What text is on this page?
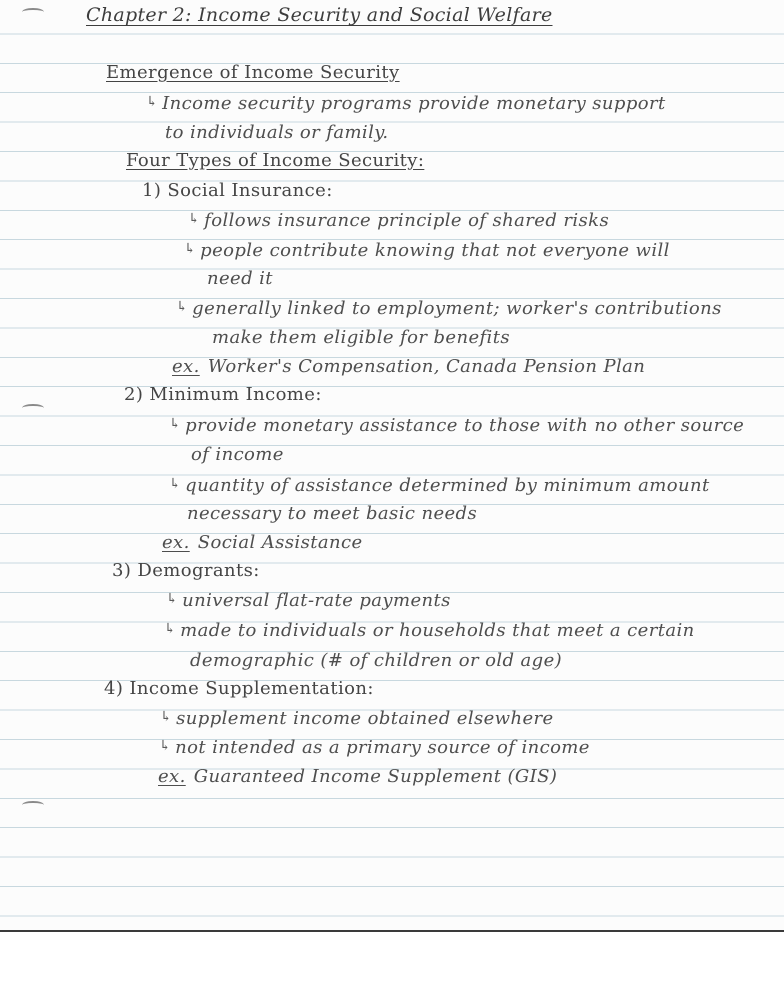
Chapter 2: Income Security and Social Welfare
Emergence of Income Security
↳ Income security programs provide monetary support
to individuals or family.
Four Types of Income Security:
1) Social Insurance:
↳ follows insurance principle of shared risks
↳ people contribute knowing that not everyone will
need it
↳ generally linked to employment; worker's contributions
make them eligible for benefits
ex. Worker's Compensation, Canada Pension Plan
2) Minimum Income:
↳ provide monetary assistance to those with no other source
of income
↳ quantity of assistance determined by minimum amount
necessary to meet basic needs
ex. Social Assistance
3) Demogrants:
↳ universal flat-rate payments
↳ made to individuals or households that meet a certain
demographic (# of children or old age)
4) Income Supplementation:
↳ supplement income obtained elsewhere
↳ not intended as a primary source of income
ex. Guaranteed Income Supplement (GIS)
